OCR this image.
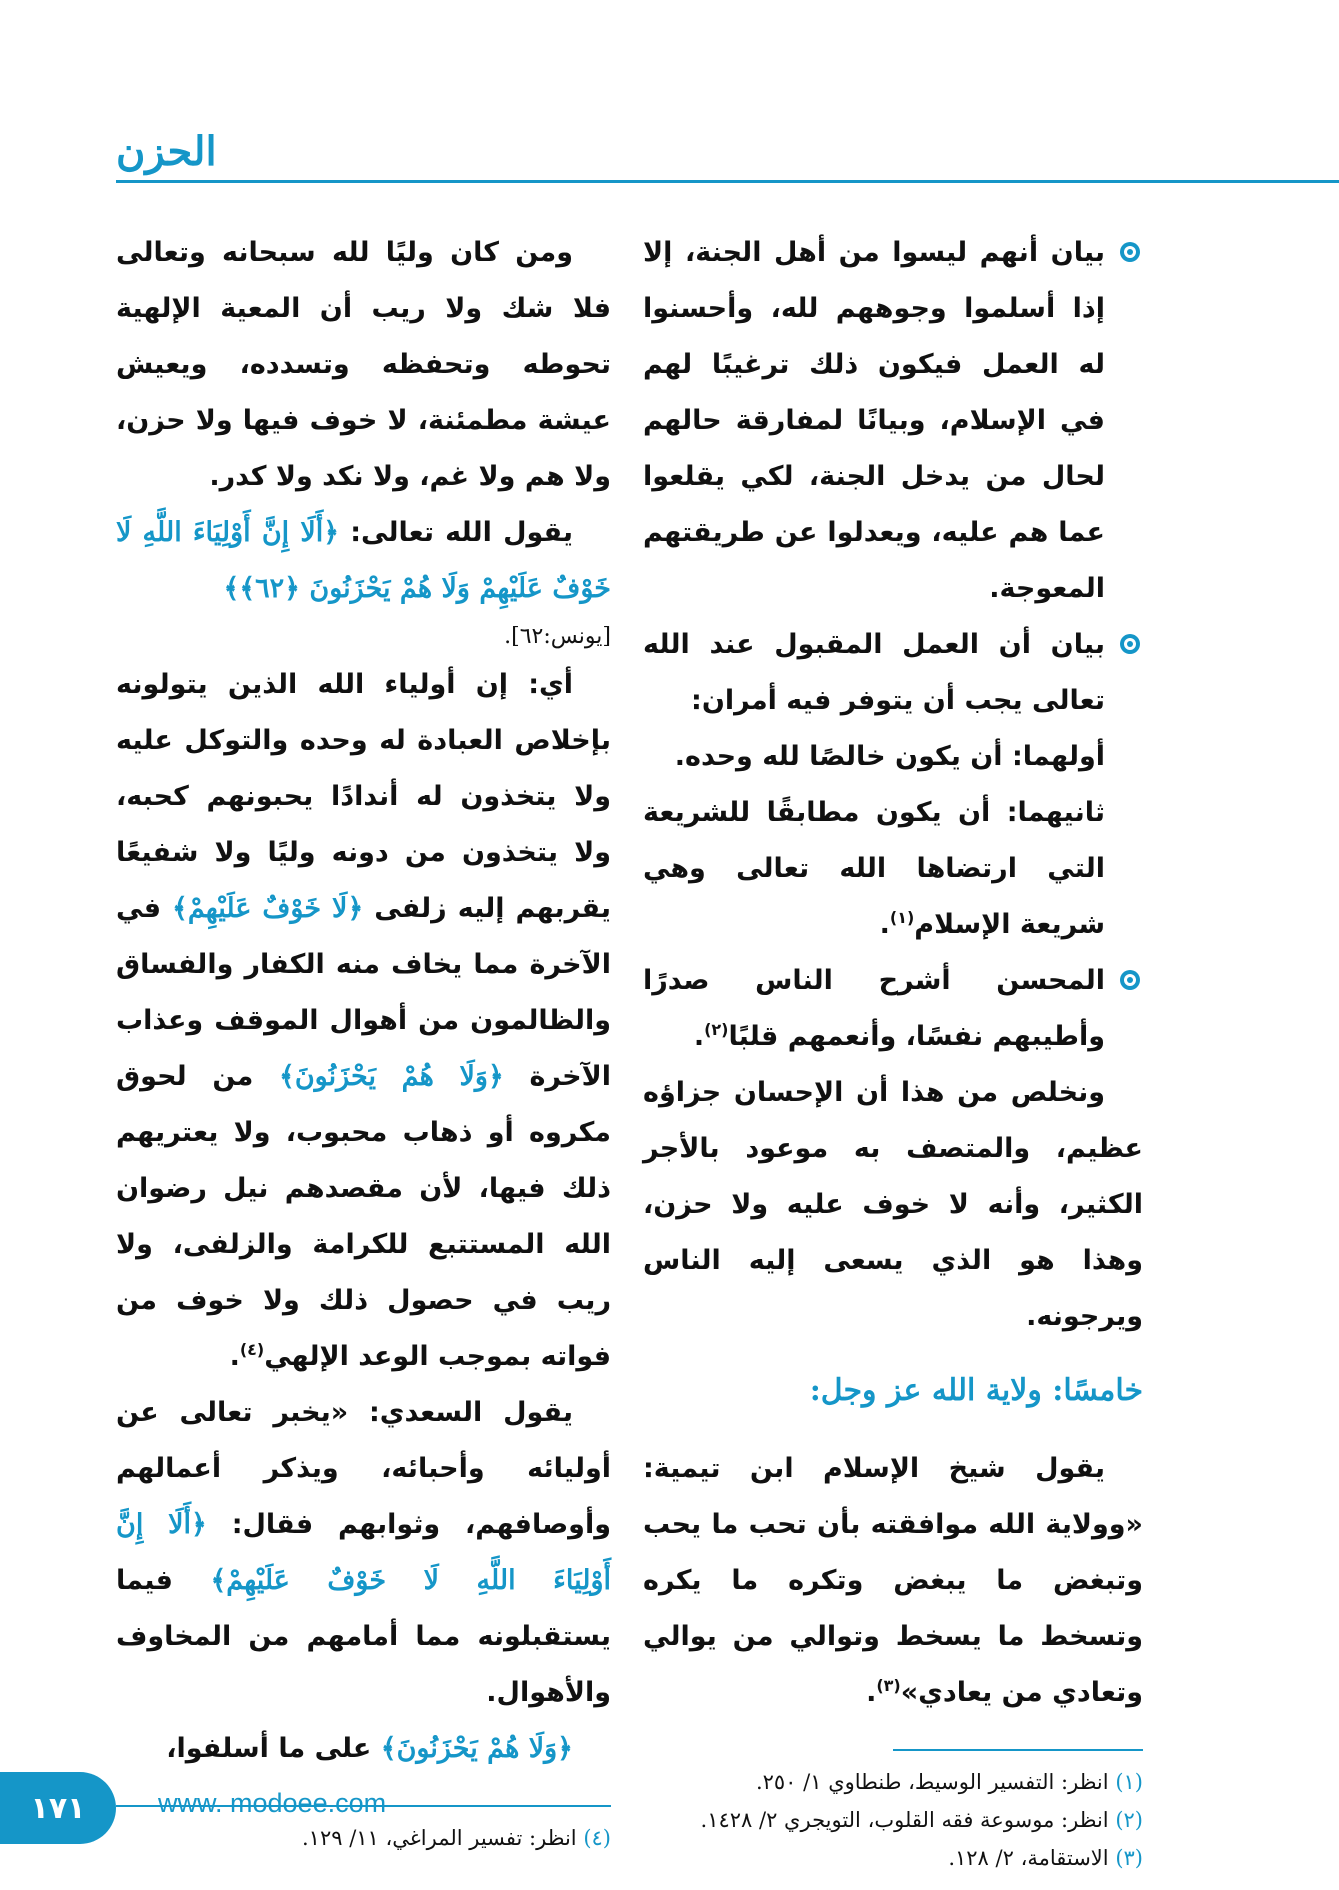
الحزن

بيان أنهم ليسوا من أهل الجنة، إلا إذا أسلموا وجوههم لله، وأحسنوا له العمل فيكون ذلك ترغيبًا لهم في الإسلام، وبيانًا لمفارقة حالهم لحال من يدخل الجنة، لكي يقلعوا عما هم عليه، ويعدلوا عن طريقتهم المعوجة.

بيان أن العمل المقبول عند الله تعالى يجب أن يتوفر فيه أمران:

أولهما: أن يكون خالصًا لله وحده.

ثانيهما: أن يكون مطابقًا للشريعة التي ارتضاها الله تعالى وهي شريعة الإسلام$^{(١)}$.

المحسن أشرح الناس صدرًا وأطيبهم نفسًا، وأنعمهم قلبًا$^{(٢)}$.

ونخلص من هذا أن الإحسان جزاؤه عظيم، والمتصف به موعود بالأجر الكثير، وأنه لا خوف عليه ولا حزن، وهذا هو الذي يسعى إليه الناس ويرجونه.

خامسًا: ولاية الله عز وجل:

يقول شيخ الإسلام ابن تيمية: «وولاية الله موافقته بأن تحب ما يحب وتبغض ما يبغض وتكره ما يكره وتسخط ما يسخط وتوالي من يوالي وتعادي من يعادي»$^{(٣)}$.

(١) انظر: التفسير الوسيط، طنطاوي ١/ ٢٥٠.
(٢) انظر: موسوعة فقه القلوب، التويجري ٢/ ١٤٢٨.
(٣) الاستقامة، ٢/ ١٢٨.

ومن كان وليًا لله سبحانه وتعالى فلا شك ولا ريب أن المعية الإلهية تحوطه وتحفظه وتسدده، ويعيش عيشة مطمئنة، لا خوف فيها ولا حزن، ولا هم ولا غم، ولا نكد ولا كدر.

يقول الله تعالى: ﴿أَلَا إِنَّ أَوْلِيَاءَ اللَّهِ لَا خَوْفٌ عَلَيْهِمْ وَلَا هُمْ يَحْزَنُونَ ﴿٦٢﴾﴾

[يونس:٦٢].

أي: إن أولياء الله الذين يتولونه بإخلاص العبادة له وحده والتوكل عليه ولا يتخذون له أندادًا يحبونهم كحبه، ولا يتخذون من دونه وليًا ولا شفيعًا يقربهم إليه زلفى ﴿لَا خَوْفٌ عَلَيْهِمْ﴾ في الآخرة مما يخاف منه الكفار والفساق والظالمون من أهوال الموقف وعذاب الآخرة ﴿وَلَا هُمْ يَحْزَنُونَ﴾ من لحوق مكروه أو ذهاب محبوب، ولا يعتريهم ذلك فيها، لأن مقصدهم نيل رضوان الله المستتبع للكرامة والزلفى، ولا ريب في حصول ذلك ولا خوف من فواته بموجب الوعد الإلهي$^{(٤)}$.

يقول السعدي: «يخبر تعالى عن أوليائه وأحبائه، ويذكر أعمالهم وأوصافهم، وثوابهم فقال: ﴿أَلَا إِنَّ أَوْلِيَاءَ اللَّهِ لَا خَوْفٌ عَلَيْهِمْ﴾ فيما يستقبلونه مما أمامهم من المخاوف والأهوال.

﴿وَلَا هُمْ يَحْزَنُونَ﴾ على ما أسلفوا،

(٤) انظر: تفسير المراغي، ١١/ ١٢٩.
١٧١	www. modoee.com
